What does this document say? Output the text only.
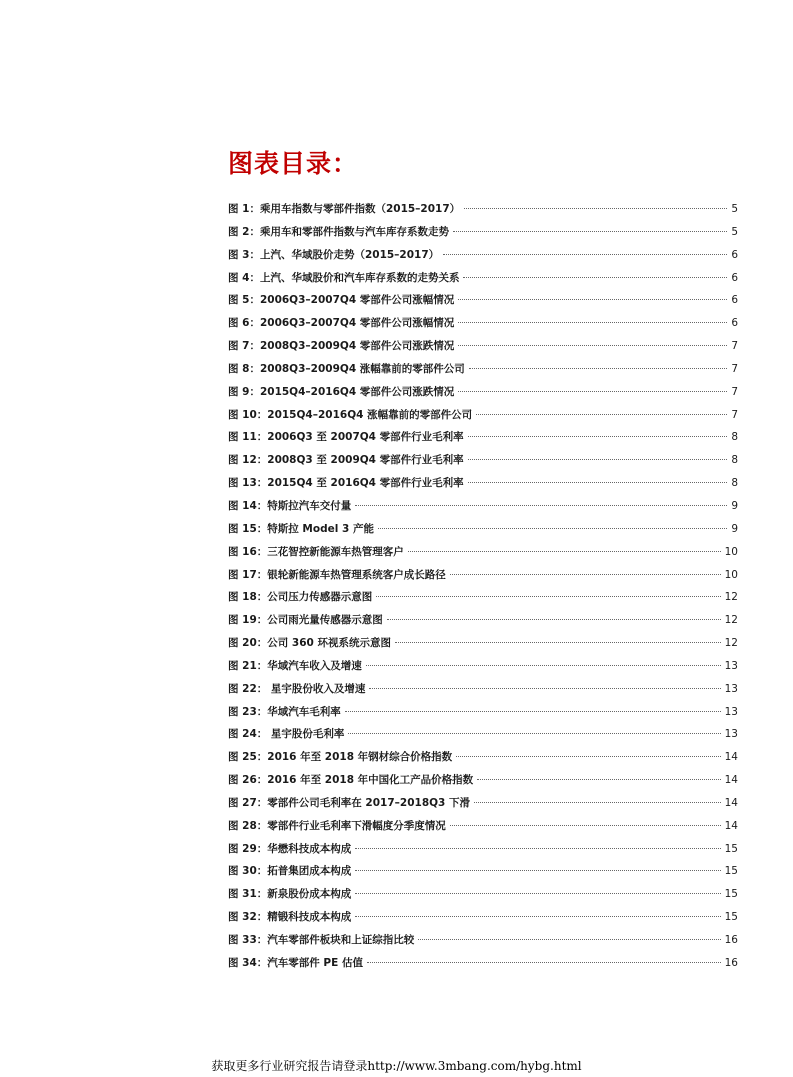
图表目录：
图 1：乘用车指数与零部件指数（2015–2017）	5
图 2：乘用车和零部件指数与汽车库存系数走势	5
图 3：上汽、华域股价走势（2015–2017）	6
图 4：上汽、华域股价和汽车库存系数的走势关系	6
图 5：2006Q3–2007Q4 零部件公司涨幅情况	6
图 6：2006Q3–2007Q4 零部件公司涨幅情况	6
图 7：2008Q3–2009Q4 零部件公司涨跌情况	7
图 8：2008Q3–2009Q4 涨幅靠前的零部件公司	7
图 9：2015Q4–2016Q4 零部件公司涨跌情况	7
图 10：2015Q4–2016Q4 涨幅靠前的零部件公司	7
图 11：2006Q3 至 2007Q4 零部件行业毛利率	8
图 12：2008Q3 至 2009Q4 零部件行业毛利率	8
图 13：2015Q4 至 2016Q4 零部件行业毛利率	8
图 14：特斯拉汽车交付量	9
图 15：特斯拉 Model 3 产能	9
图 16：三花智控新能源车热管理客户	10
图 17：银轮新能源车热管理系统客户成长路径	10
图 18：公司压力传感器示意图	12
图 19：公司雨光量传感器示意图	12
图 20：公司 360 环视系统示意图	12
图 21：华域汽车收入及增速	13
图 22： 星宇股份收入及增速	13
图 23：华域汽车毛利率	13
图 24： 星宇股份毛利率	13
图 25：2016 年至 2018 年钢材综合价格指数	14
图 26：2016 年至 2018 年中国化工产品价格指数	14
图 27：零部件公司毛利率在 2017–2018Q3 下滑	14
图 28：零部件行业毛利率下滑幅度分季度情况	14
图 29：华懋科技成本构成	15
图 30：拓普集团成本构成	15
图 31：新泉股份成本构成	15
图 32：精锻科技成本构成	15
图 33：汽车零部件板块和上证综指比较	16
图 34：汽车零部件 PE 估值	16
获取更多行业研究报告请登录http://www.3mbang.com/hybg.html
